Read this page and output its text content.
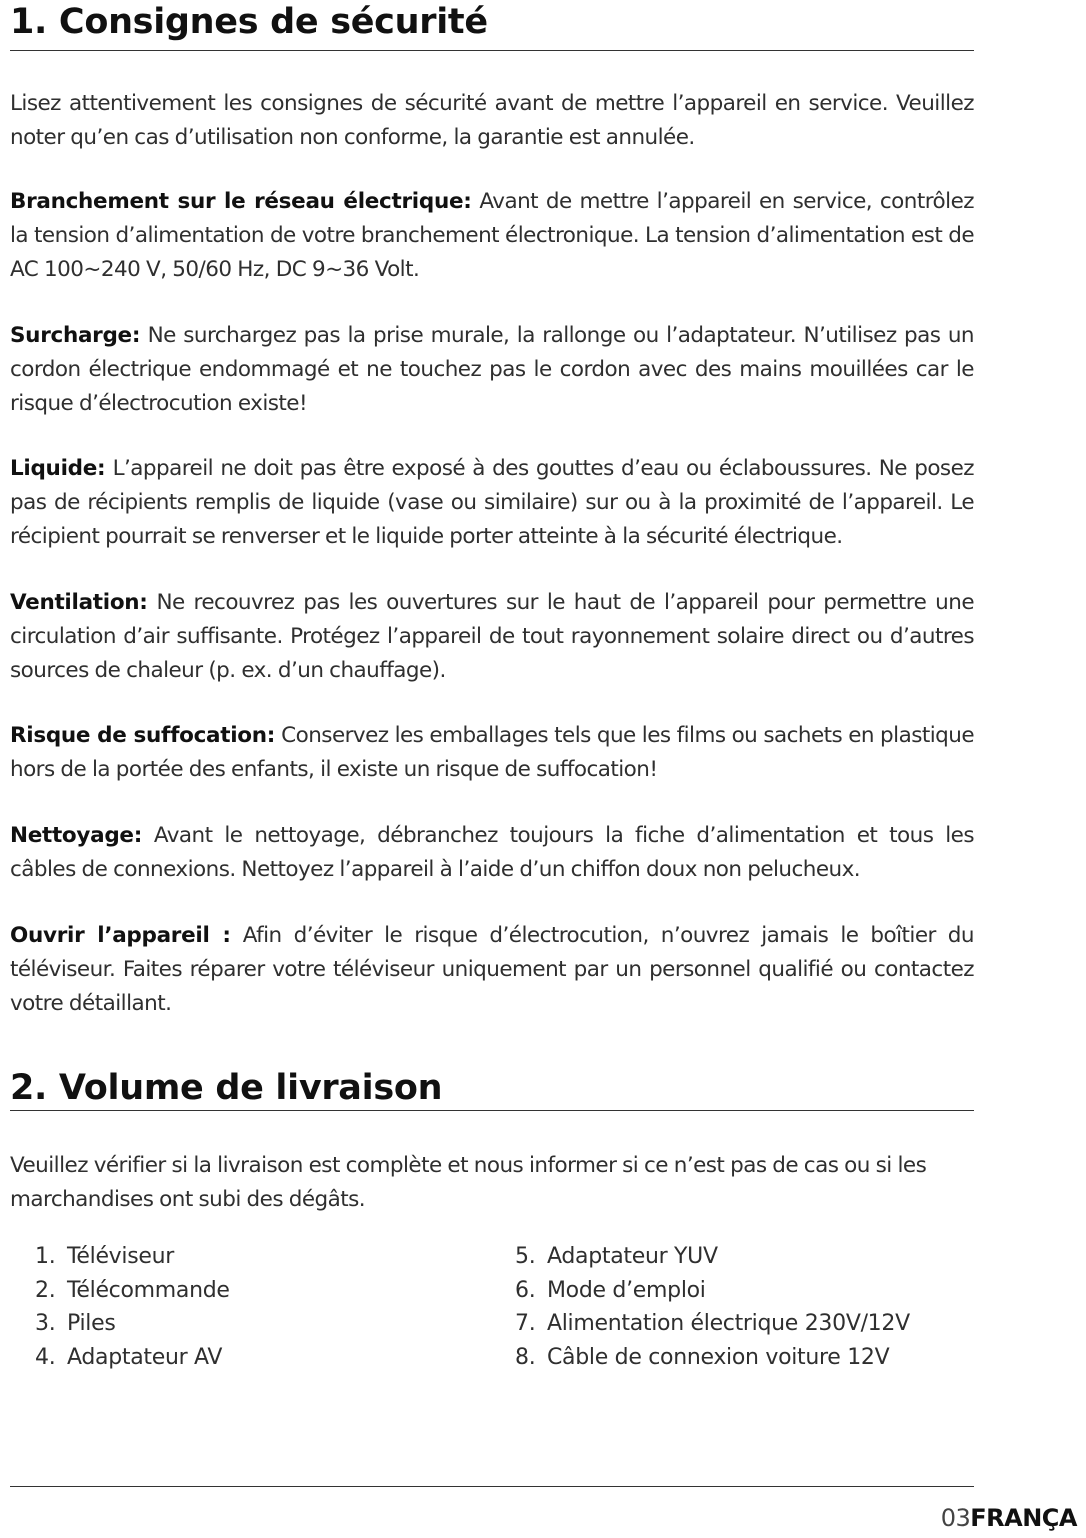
1. Consignes de sécurité

Lisez attentivement les consignes de sécurité avant de mettre l’appareil en service. Veuillez noter qu’en cas d’utilisation non conforme, la garantie est annulée.

Branchement sur le réseau électrique: Avant de mettre l’appareil en service, contrôlez la tension d’alimentation de votre branchement électronique. La tension d’alimentation est de AC 100~240 V, 50/60 Hz, DC 9~36 Volt.

Surcharge: Ne surchargez pas la prise murale, la rallonge ou l’adaptateur. N’utilisez pas un cordon électrique endommagé et ne touchez pas le cordon avec des mains mouillées car le risque d’électrocution existe!

Liquide: L’appareil ne doit pas être exposé à des gouttes d’eau ou éclaboussures. Ne posez pas de récipients remplis de liquide (vase ou similaire) sur ou à la proximité de l’appareil. Le récipient pourrait se renverser et le liquide porter atteinte à la sécurité électrique.

Ventilation: Ne recouvrez pas les ouvertures sur le haut de l’appareil pour permettre une circulation d’air suffisante. Protégez l’appareil de tout rayonnement solaire direct ou d’autres sources de chaleur (p. ex. d’un chauffage).

Risque de suffocation: Conservez les emballages tels que les films ou sachets en plastique hors de la portée des enfants, il existe un risque de suffocation!

Nettoyage: Avant le nettoyage, débranchez toujours la fiche d’alimentation et tous les câbles de connexions. Nettoyez l’appareil à l’aide d’un chiffon doux non pelucheux.

Ouvrir l’appareil : Afin d’éviter le risque d’électrocution, n’ouvrez jamais le boîtier du téléviseur. Faites réparer votre téléviseur uniquement par un personnel qualifié ou contactez votre détaillant.

2. Volume de livraison

Veuillez vérifier si la livraison est complète et nous informer si ce n’est pas de cas ou si les marchandises ont subi des dégâts.

1. Téléviseur
2. Télécommande
3. Piles
4. Adaptateur AV
5. Adaptateur YUV
6. Mode d’emploi
7. Alimentation électrique 230V/12V
8. Câble de connexion voiture 12V
03FRANÇA
